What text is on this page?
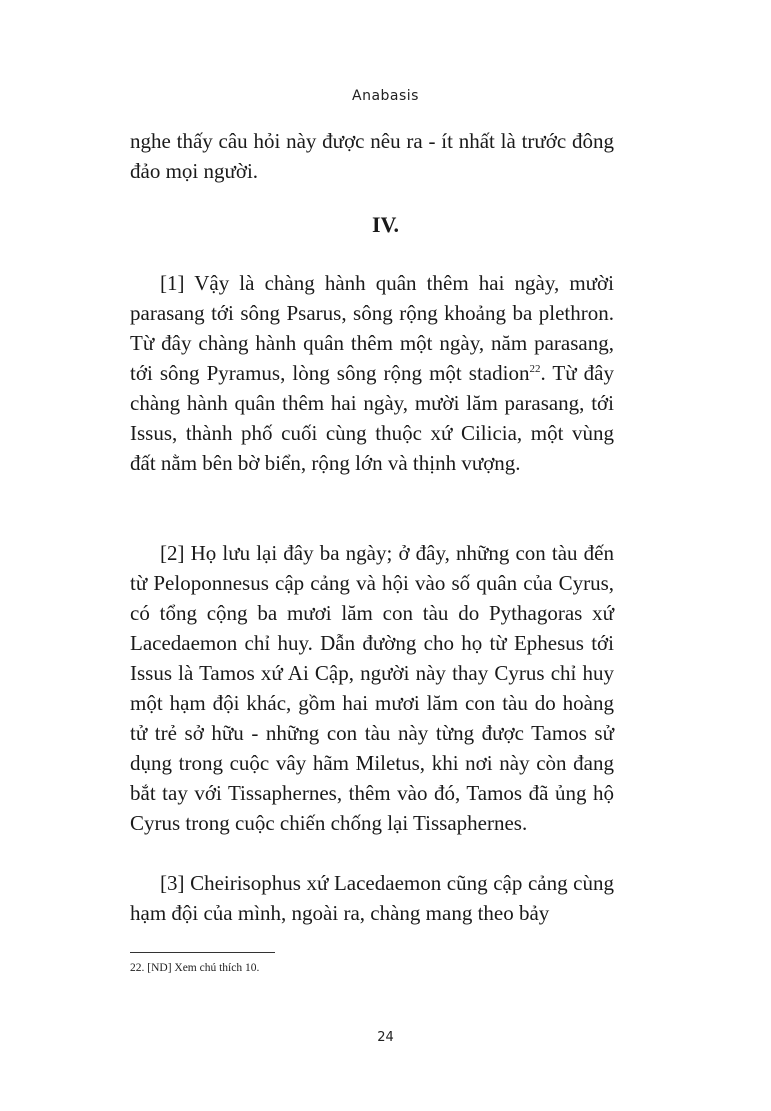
Anabasis

nghe thấy câu hỏi này được nêu ra - ít nhất là trước đông đảo mọi người.

IV.

[1] Vậy là chàng hành quân thêm hai ngày, mười parasang tới sông Psarus, sông rộng khoảng ba plethron. Từ đây chàng hành quân thêm một ngày, năm parasang, tới sông Pyramus, lòng sông rộng một stadion$^{22}$. Từ đây chàng hành quân thêm hai ngày, mười lăm parasang, tới Issus, thành phố cuối cùng thuộc xứ Cilicia, một vùng đất nằm bên bờ biển, rộng lớn và thịnh vượng.

[2] Họ lưu lại đây ba ngày; ở đây, những con tàu đến từ Peloponnesus cập cảng và hội vào số quân của Cyrus, có tổng cộng ba mươi lăm con tàu do Pythagoras xứ Lacedaemon chỉ huy. Dẫn đường cho họ từ Ephesus tới Issus là Tamos xứ Ai Cập, người này thay Cyrus chỉ huy một hạm đội khác, gồm hai mươi lăm con tàu do hoàng tử trẻ sở hữu - những con tàu này từng được Tamos sử dụng trong cuộc vây hãm Miletus, khi nơi này còn đang bắt tay với Tissaphernes, thêm vào đó, Tamos đã ủng hộ Cyrus trong cuộc chiến chống lại Tissaphernes.

[3] Cheirisophus xứ Lacedaemon cũng cập cảng cùng hạm đội của mình, ngoài ra, chàng mang theo bảy

22. [ND] Xem chú thích 10.
24
